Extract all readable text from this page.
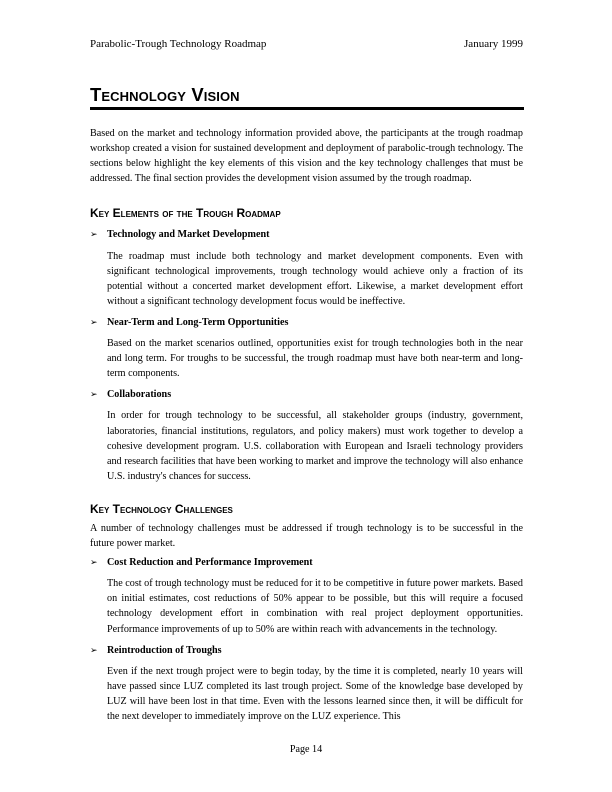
Parabolic-Trough Technology Roadmap	January 1999
Technology Vision

Based on the market and technology information provided above, the participants at the trough roadmap workshop created a vision for sustained development and deployment of parabolic-trough technology. The sections below highlight the key elements of this vision and the key technology challenges that must be addressed. The final section provides the development vision assumed by the trough roadmap.

Key Elements of the Trough Roadmap
➢ Technology and Market Development

The roadmap must include both technology and market development components. Even with significant technological improvements, trough technology would achieve only a fraction of its potential without a concerted market development effort. Likewise, a market development effort without a significant technology development focus would be ineffective.

➢ Near-Term and Long-Term Opportunities

Based on the market scenarios outlined, opportunities exist for trough technologies both in the near and long term. For troughs to be successful, the trough roadmap must have both near-term and long-term components.

➢ Collaborations

In order for trough technology to be successful, all stakeholder groups (industry, government, laboratories, financial institutions, regulators, and policy makers) must work together to develop a cohesive development program. U.S. collaboration with European and Israeli technology providers and research facilities that have been working to market and improve the technology will also enhance U.S. industry's chances for success.

Key Technology Challenges

A number of technology challenges must be addressed if trough technology is to be successful in the future power market.

➢ Cost Reduction and Performance Improvement

The cost of trough technology must be reduced for it to be competitive in future power markets. Based on initial estimates, cost reductions of 50% appear to be possible, but this will require a focused technology development effort in combination with real project deployment opportunities. Performance improvements of up to 50% are within reach with advancements in the technology.

➢ Reintroduction of Troughs

Even if the next trough project were to begin today, by the time it is completed, nearly 10 years will have passed since LUZ completed its last trough project. Some of the knowledge base developed by LUZ will have been lost in that time. Even with the lessons learned since then, it will be difficult for the next developer to immediately improve on the LUZ experience. This

Page 14
